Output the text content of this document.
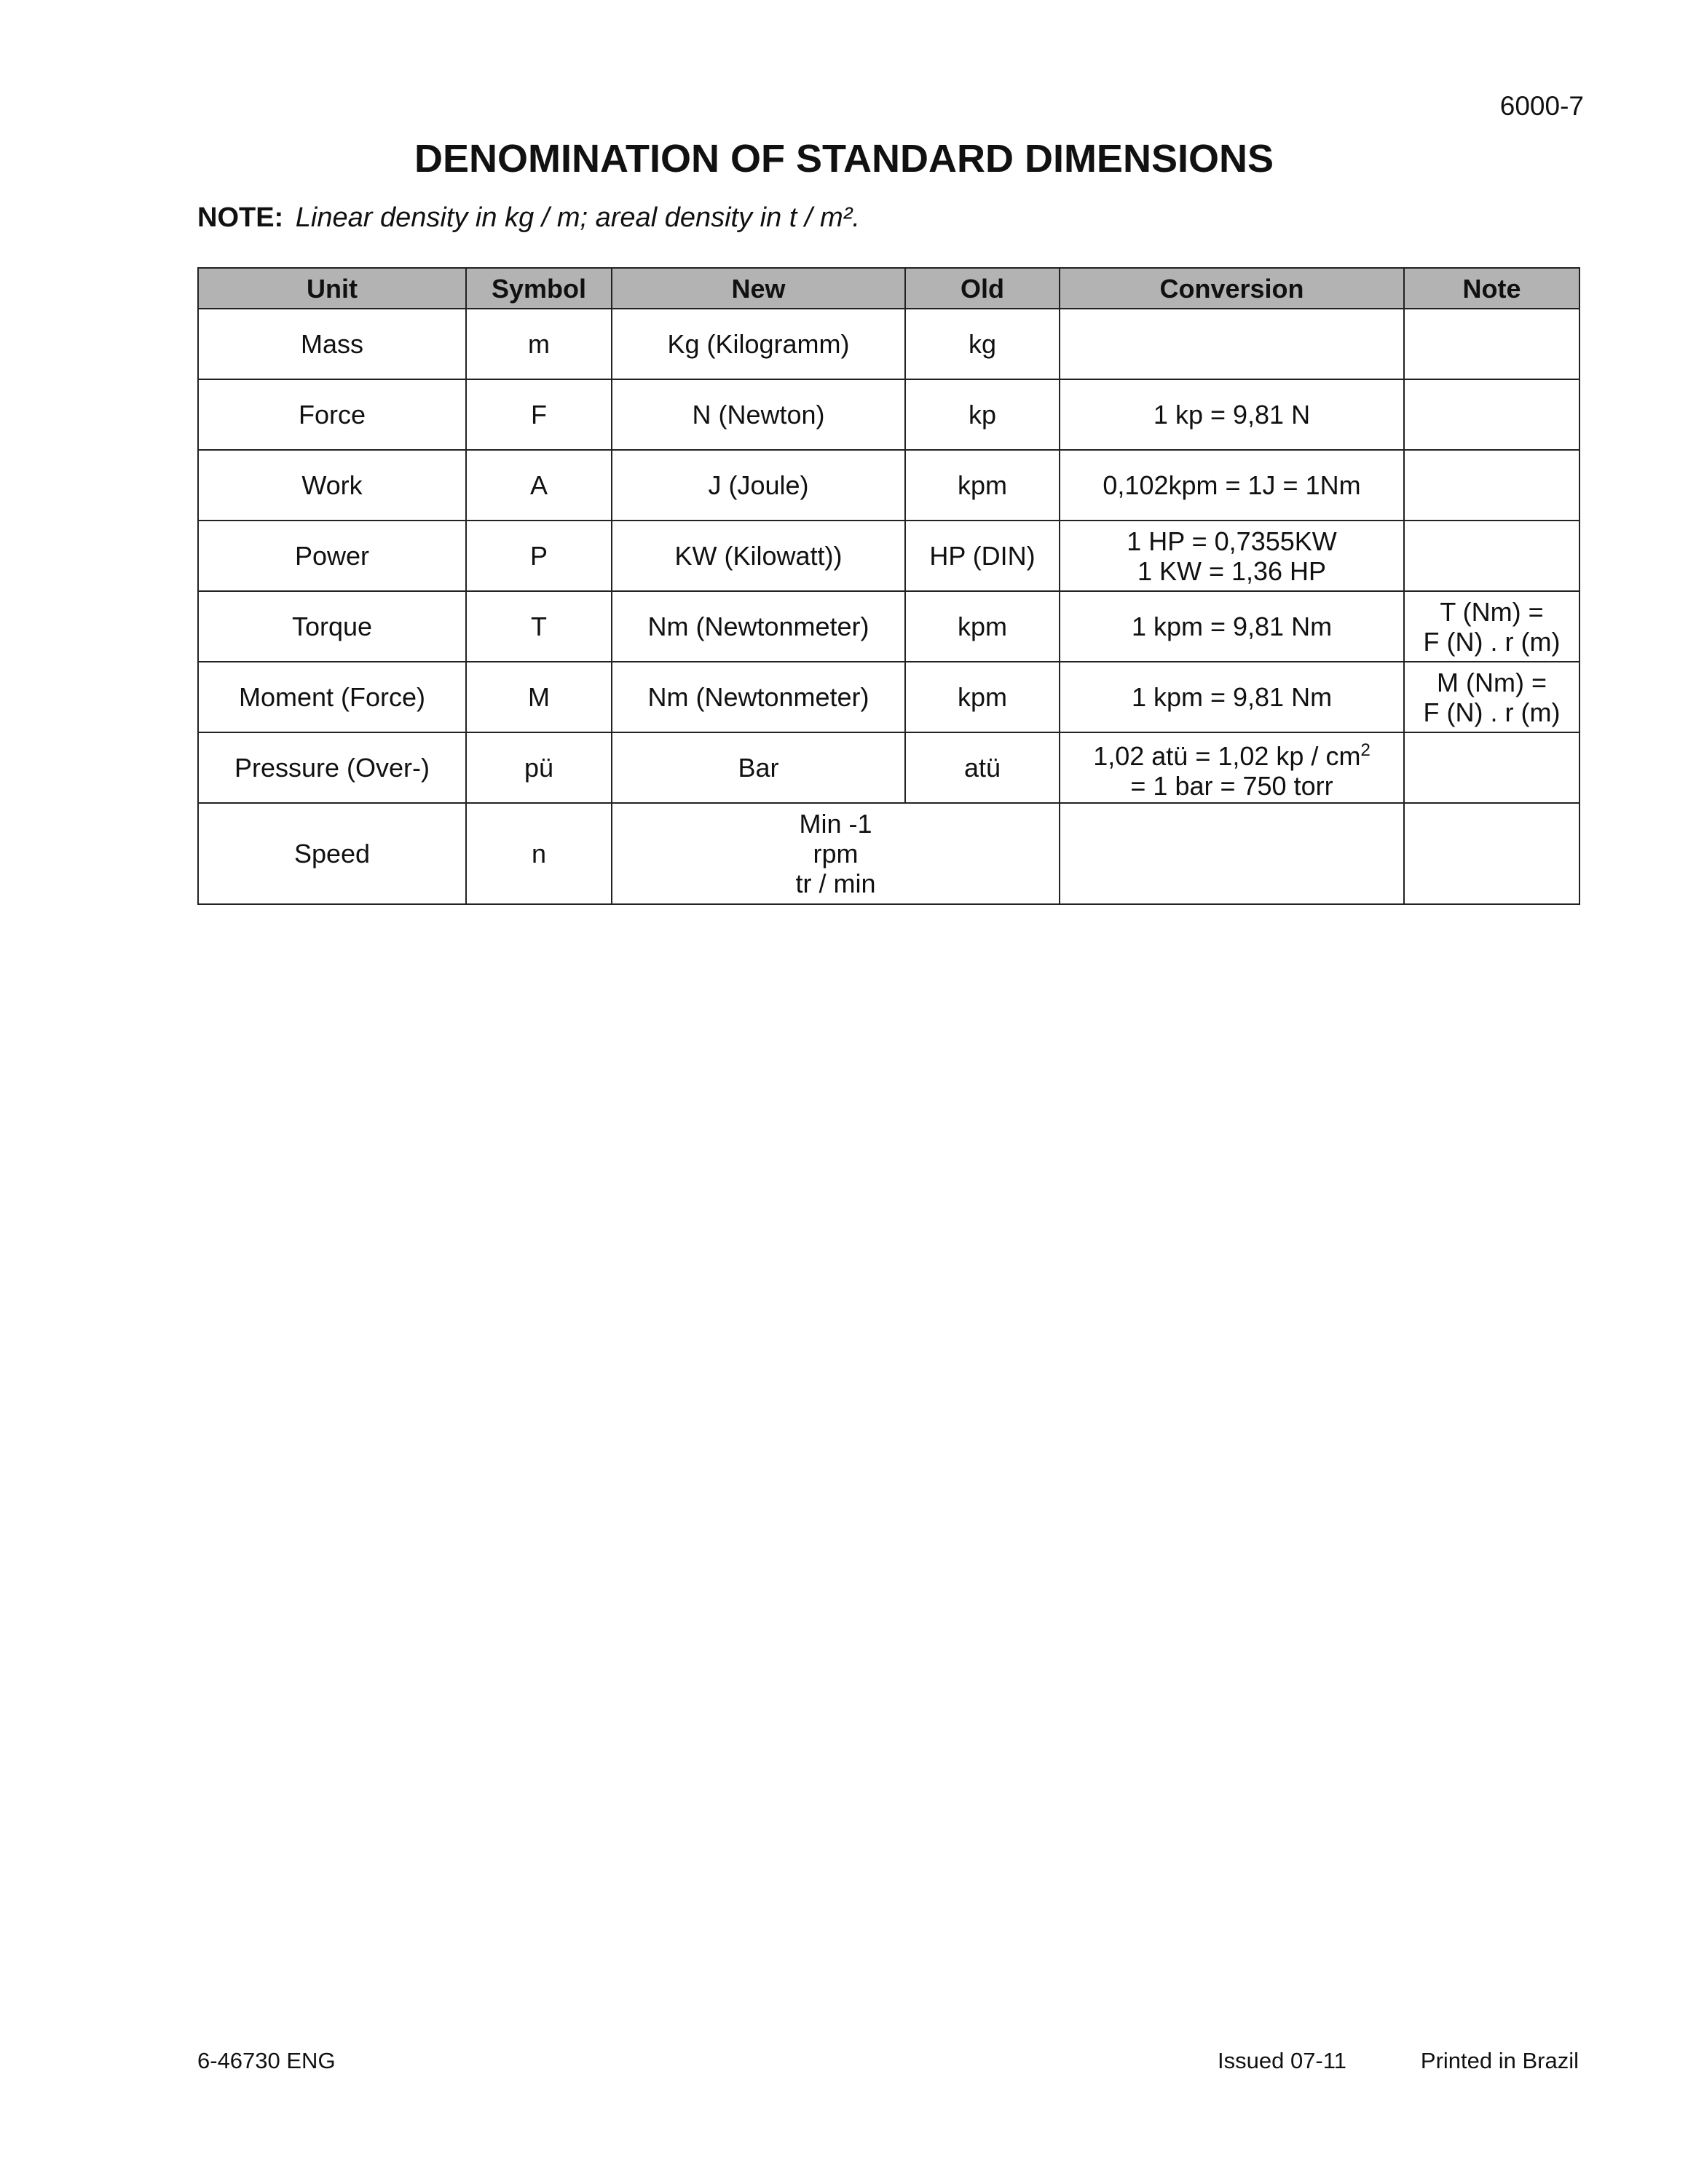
6000-7
DENOMINATION OF STANDARD DIMENSIONS
NOTE: Linear density in kg / m; areal density in t / m².
Unit	Symbol	New	Old	Conversion	Note
Mass	m	Kg (Kilogramm)	kg	

Force	F	N (Newton)	kp	1 kp = 9,81 N	

Work	A	J (Joule)	kpm	0,102kpm = 1J = 1Nm	

Power	P	KW (Kilowatt))	HP (DIN)	1 HP = 0,7355KW
1 KW = 1,36 HP	

Torque	T	Nm (Newtonmeter)	kpm	1 kpm = 9,81 Nm	T (Nm) =
F (N) . r (m)

Moment (Force)	M	Nm (Newtonmeter)	kpm	1 kpm = 9,81 Nm	M (Nm) =
F (N) . r (m)

Pressure (Over-)	pü	Bar	atü	1,02 atü = 1,02 kp / $cm^2$
= 1 bar = 750 torr	

Speed	n	Min -1
rpm
tr / min			

6-46730 ENG	Issued 07-11	Printed in Brazil
